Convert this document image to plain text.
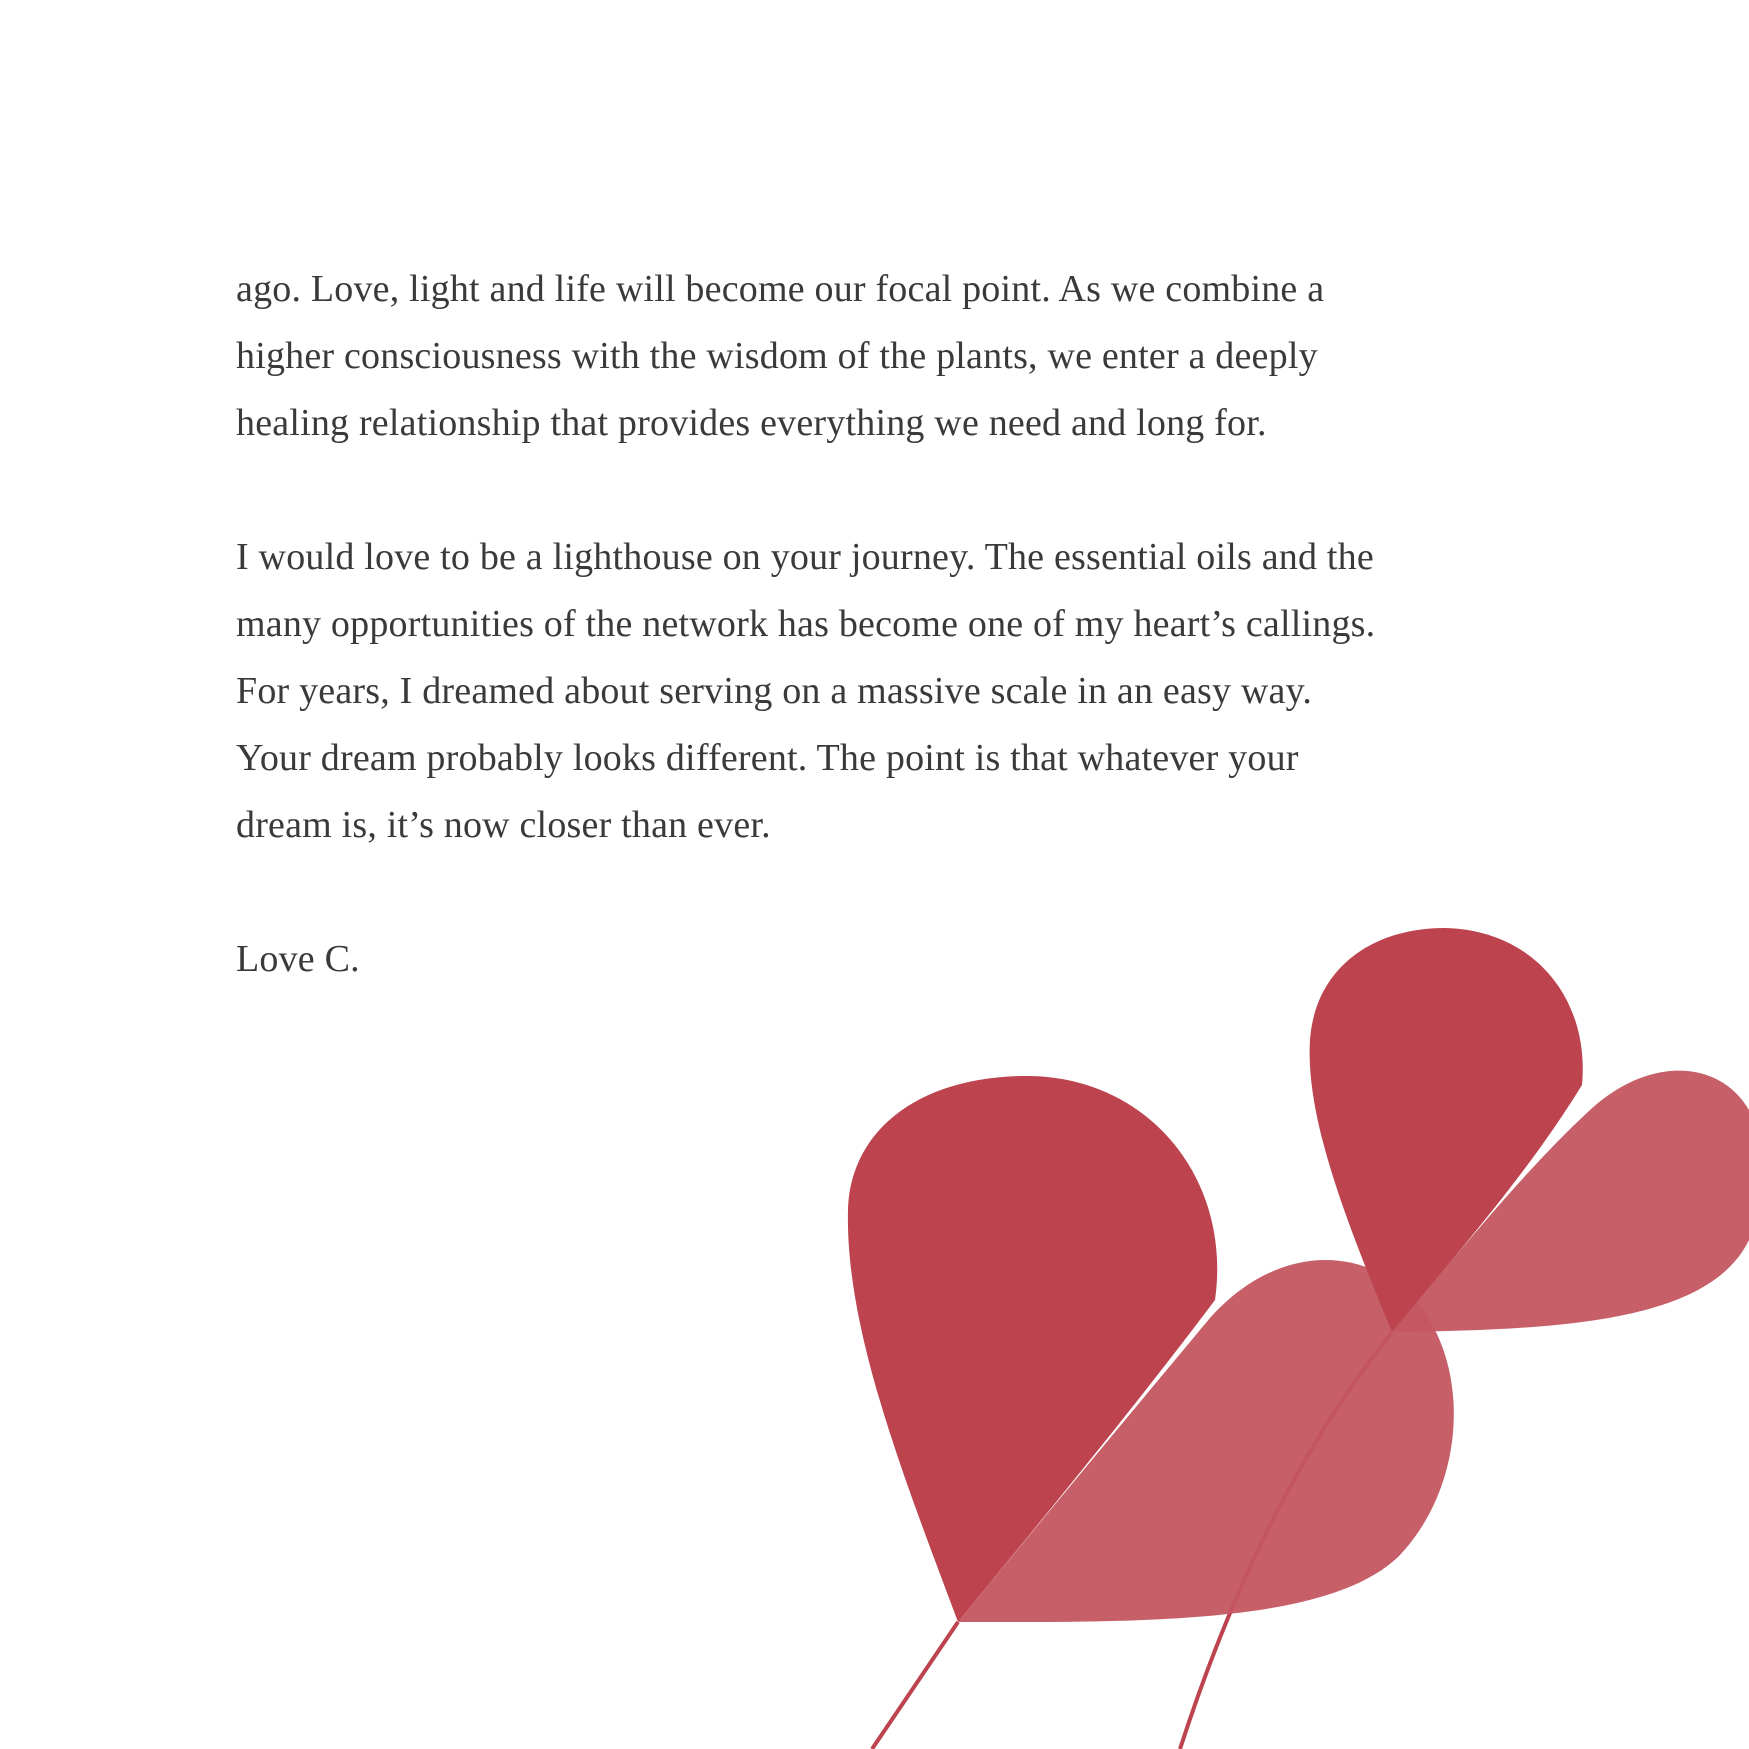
ago. Love, light and life will become our focal point. As we combine a
higher consciousness with the wisdom of the plants, we enter a deeply
healing relationship that provides everything we need and long for.

I would love to be a lighthouse on your journey. The essential oils and the
many opportunities of the network has become one of my heart’s callings.
For years, I dreamed about serving on a massive scale in an easy way.
Your dream probably looks different. The point is that whatever your
dream is, it’s now closer than ever.

Love C.
